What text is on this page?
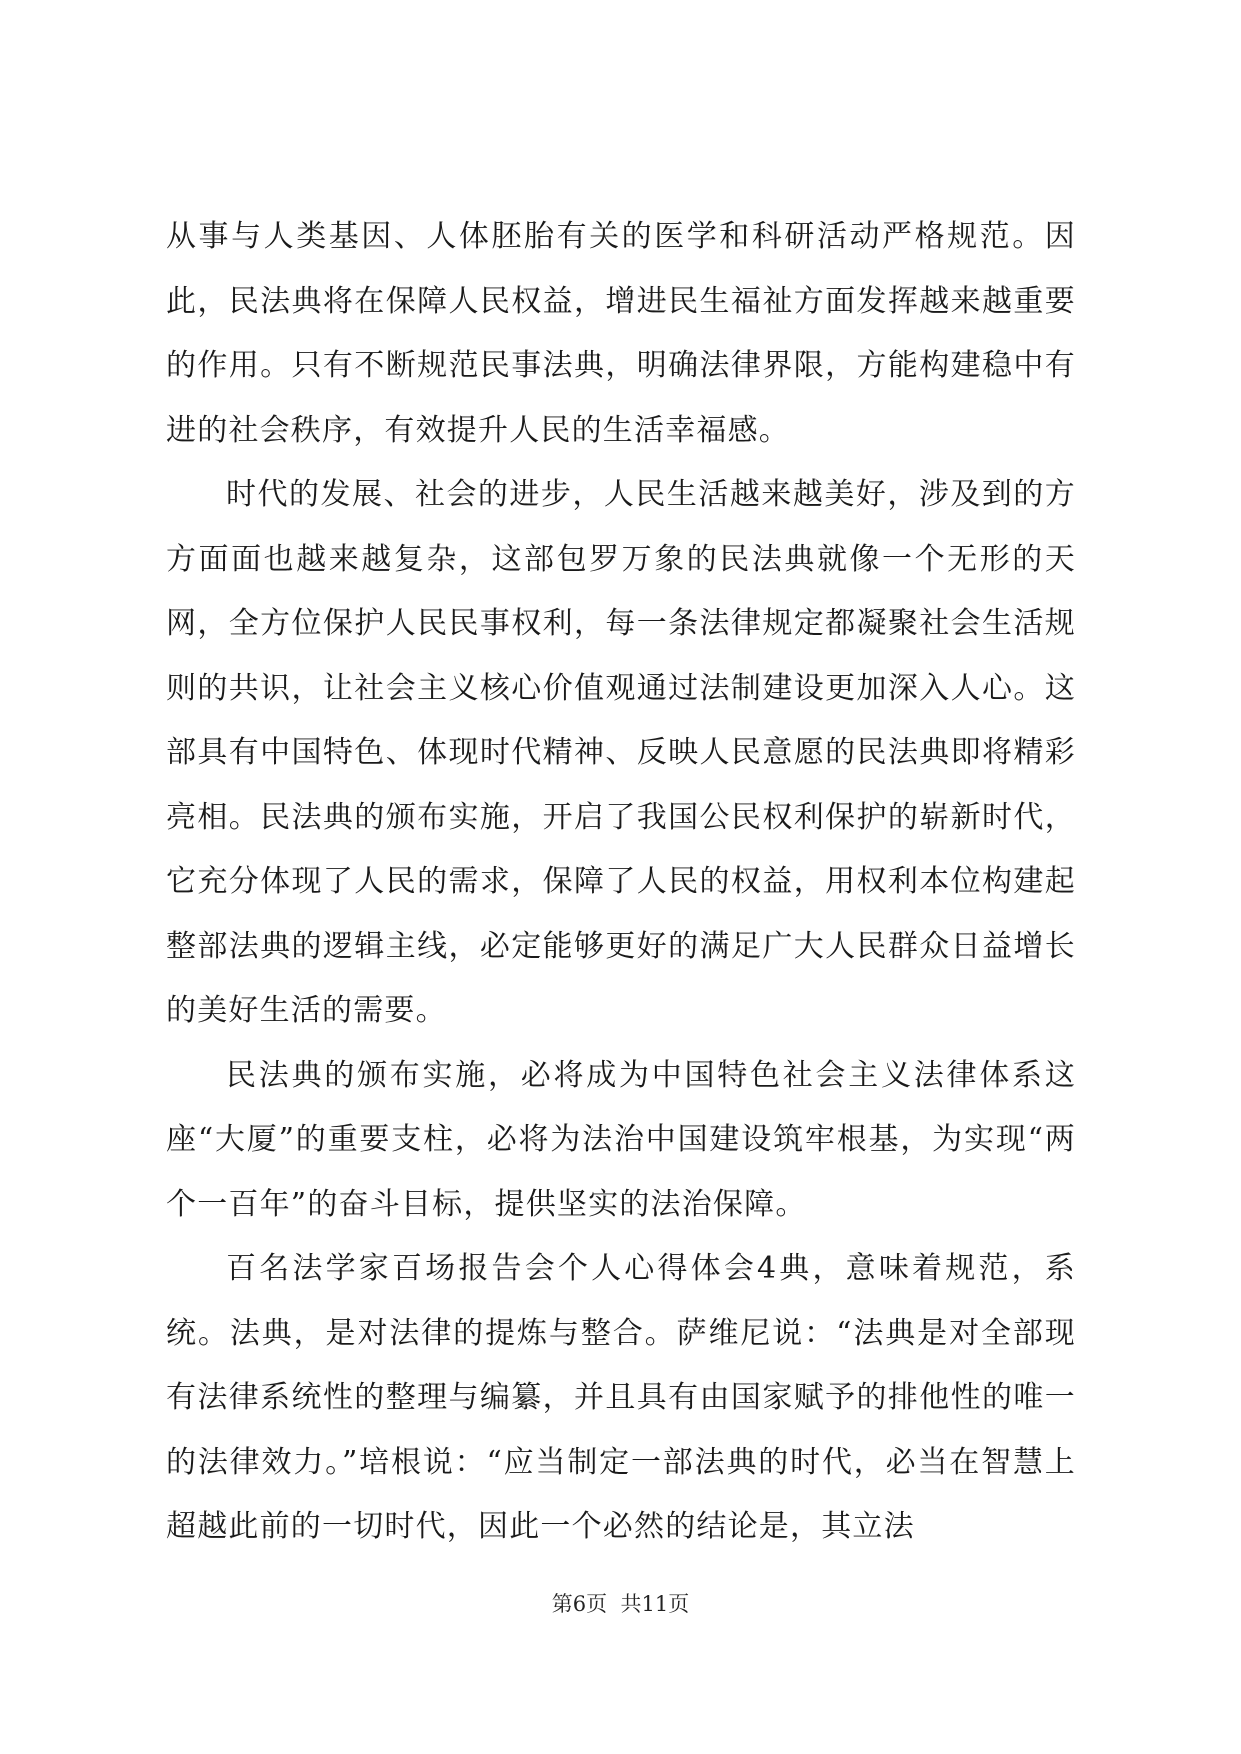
从事与人类基因、人体胚胎有关的医学和科研活动严格规范。因此，民法典将在保障人民权益，增进民生福祉方面发挥越来越重要的作用。只有不断规范民事法典，明确法律界限，方能构建稳中有进的社会秩序，有效提升人民的生活幸福感。

时代的发展、社会的进步，人民生活越来越美好，涉及到的方方面面也越来越复杂，这部包罗万象的民法典就像一个无形的天网，全方位保护人民民事权利，每一条法律规定都凝聚社会生活规则的共识，让社会主义核心价值观通过法制建设更加深入人心。这部具有中国特色、体现时代精神、反映人民意愿的民法典即将精彩亮相。民法典的颁布实施，开启了我国公民权利保护的崭新时代，它充分体现了人民的需求，保障了人民的权益，用权利本位构建起整部法典的逻辑主线，必定能够更好的满足广大人民群众日益增长的美好生活的需要。

民法典的颁布实施，必将成为中国特色社会主义法律体系这座“大厦”的重要支柱，必将为法治中国建设筑牢根基，为实现“两个一百年”的奋斗目标，提供坚实的法治保障。

百名法学家百场报告会个人心得体会4典，意味着规范，系统。法典，是对法律的提炼与整合。萨维尼说：“法典是对全部现有法律系统性的整理与编纂，并且具有由国家赋予的排他性的唯一的法律效力。”培根说：“应当制定一部法典的时代，必当在智慧上超越此前的一切时代，因此一个必然的结论是，其立法

第6页  共11页
